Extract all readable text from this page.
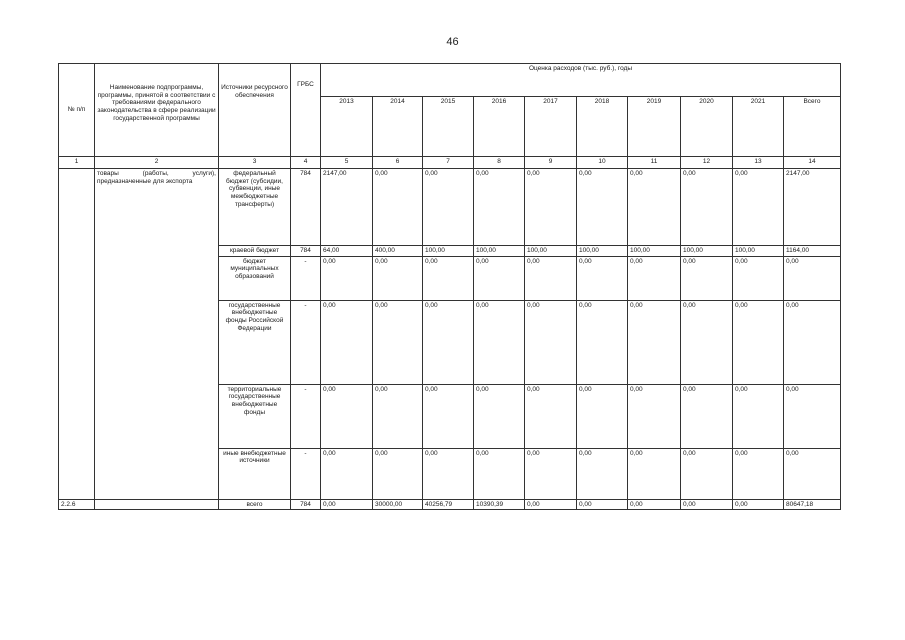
46
№ п/п	Наименование подпрограммы, программы, принятой в соответствии с требованиями федерального законодательства в сфере реализации государственной программы	Источники ресурсного обеспечения	ГРБС	Оценка расходов (тыс. руб.), годы									
				2013	2014	2015	2016	2017	2018	2019	2020	2021	Всего
1	2	3	4	5	6	7	8	9	10	11	12	13	14
	товары (работы, услуги), предназначенные для экспорта	федеральный бюджет (субсидии, субвенции, иные межбюджетные трансферты)	784	2147,00	0,00	0,00	0,00	0,00	0,00	0,00	0,00	0,00	2147,00
		краевой бюджет	784	64,00	400,00	100,00	100,00	100,00	100,00	100,00	100,00	100,00	1164,00
		бюджет муниципальных образований	-	0,00	0,00	0,00	0,00	0,00	0,00	0,00	0,00	0,00	0,00
		государственные внебюджетные фонды Российской Федерации	-	0,00	0,00	0,00	0,00	0,00	0,00	0,00	0,00	0,00	0,00
		территориальные государственные внебюджетные фонды	-	0,00	0,00	0,00	0,00	0,00	0,00	0,00	0,00	0,00	0,00
		иные внебюджетные источники	-	0,00	0,00	0,00	0,00	0,00	0,00	0,00	0,00	0,00	0,00
2.2.6		всего	784	0,00	30000,00	40256,79	10390,39	0,00	0,00	0,00	0,00	0,00	80647,18
